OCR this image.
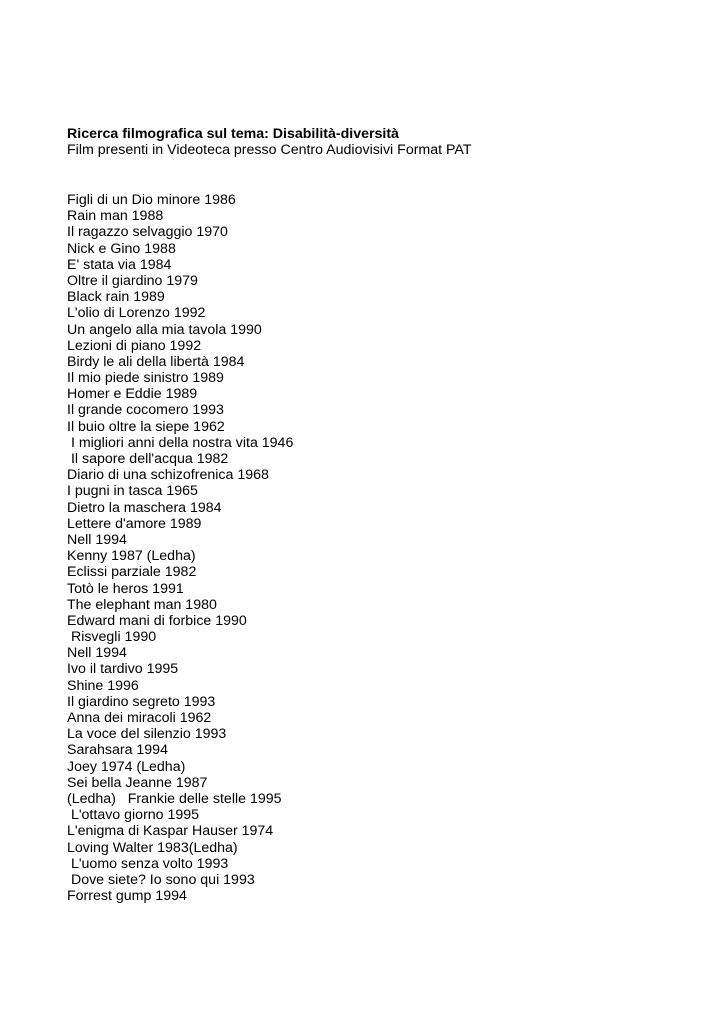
Ricerca filmografica sul tema: Disabilità-diversità

Film presenti in Videoteca presso Centro Audiovisivi Format PAT

Figli di un Dio minore 1986
Rain man 1988
Il ragazzo selvaggio 1970
Nick e Gino 1988
E' stata via 1984
Oltre il giardino 1979
Black rain 1989
L'olio di Lorenzo 1992
Un angelo alla mia tavola 1990
Lezioni di piano 1992
Birdy le ali della libertà 1984
Il mio piede sinistro 1989
Homer e Eddie 1989
Il grande cocomero 1993
Il buio oltre la siepe 1962
I migliori anni della nostra vita 1946
Il sapore dell'acqua 1982
Diario di una schizofrenica 1968
I pugni in tasca 1965
Dietro la maschera 1984
Lettere d'amore 1989
Nell 1994
Kenny 1987 (Ledha)
Eclissi parziale 1982
Totò le heros 1991
The elephant man 1980
Edward mani di forbice 1990
Risvegli 1990
Nell 1994
Ivo il tardivo 1995
Shine 1996
Il giardino segreto 1993
Anna dei miracoli 1962
La voce del silenzio 1993
Sarahsara 1994
Joey 1974 (Ledha)
Sei bella Jeanne 1987
(Ledha)   Frankie delle stelle 1995
L'ottavo giorno 1995
L'enigma di Kaspar Hauser 1974
Loving Walter 1983(Ledha)
L'uomo senza volto 1993
Dove siete? Io sono qui 1993
Forrest gump 1994
